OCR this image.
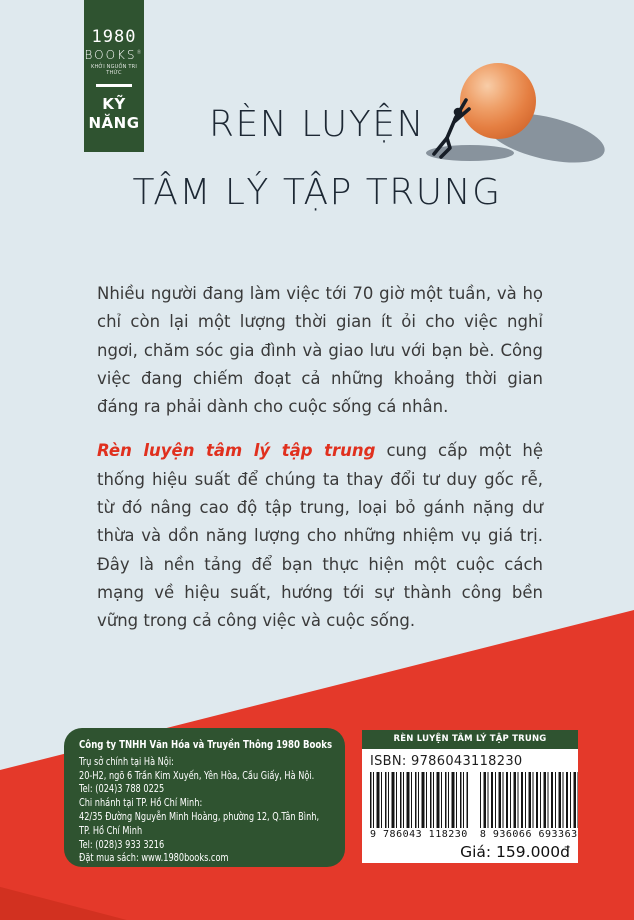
1980
BOOKS®
KHỞI NGUỒN TRI THỨC
KỸ
NĂNG	RÈN LUYỆN
TÂM LÝ TẬP TRUNG

Nhiều người đang làm việc tới 70 giờ một tuần, và họ chỉ còn lại một lượng thời gian ít ỏi cho việc nghỉ ngơi, chăm sóc gia đình và giao lưu với bạn bè. Công việc đang chiếm đoạt cả những khoảng thời gian đáng ra phải dành cho cuộc sống cá nhân.

Rèn luyện tâm lý tập trung cung cấp một hệ thống hiệu suất để chúng ta thay đổi tư duy gốc rễ, từ đó nâng cao độ tập trung, loại bỏ gánh nặng dư thừa và dồn năng lượng cho những nhiệm vụ giá trị. Đây là nền tảng để bạn thực hiện một cuộc cách mạng về hiệu suất, hướng tới sự thành công bền vững trong cả công việc và cuộc sống.

Công ty TNHH Văn Hóa và Truyền Thông 1980 Books
Trụ sở chính tại Hà Nội:
20-H2, ngõ 6 Trần Kim Xuyến, Yên Hòa, Cầu Giấy, Hà Nội.
Tel: (024)3 788 0225
Chi nhánh tại TP. Hồ Chí Minh:
42/35 Đường Nguyễn Minh Hoàng, phường 12, Q.Tân Bình,
TP. Hồ Chí Minh
Tel: (028)3 933 3216
Đặt mua sách: www.1980books.com
RÈN LUYỆN TÂM LÝ TẬP TRUNG
ISBN: 9786043118230
9 786043 118230 8 936066 693363
Giá: 159.000đ
